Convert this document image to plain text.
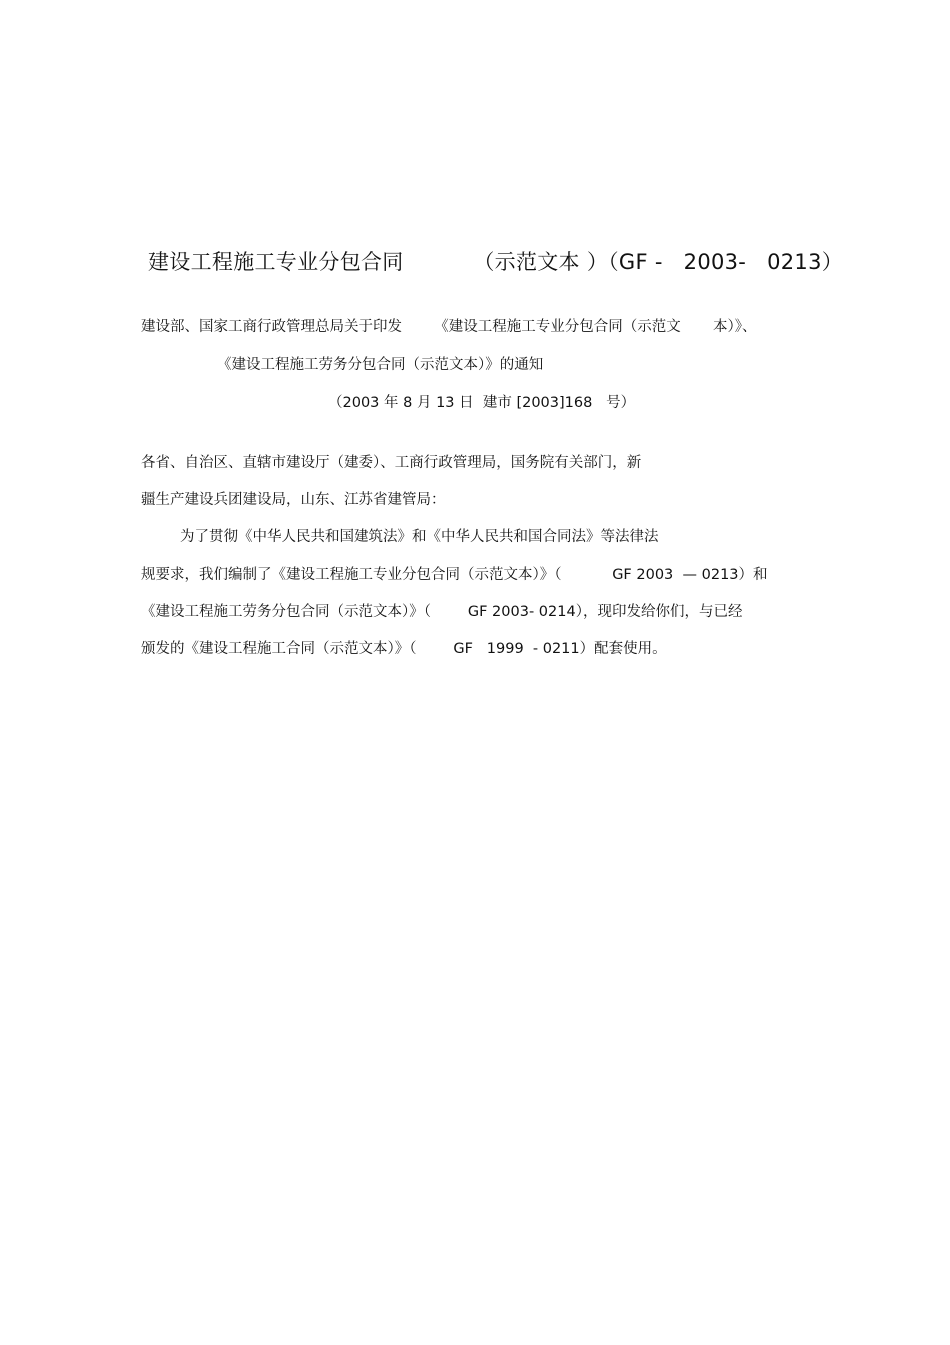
建设工程施工专业分包合同          （示范文本 ）（GF -   2003-   0213）
建设部、国家工商行政管理总局关于印发       《建设工程施工专业分包合同（示范文       本）》、
《建设工程施工劳务分包合同（示范文本）》的通知
（2003 年 8 月 13 日  建市 [2003]168   号）
各省、自治区、直辖市建设厅（建委）、工商行政管理局，国务院有关部门，新
疆生产建设兵团建设局，山东、江苏省建管局：
为了贯彻《中华人民共和国建筑法》和《中华人民共和国合同法》等法律法
规要求，我们编制了《建设工程施工专业分包合同（示范文本）》（           GF 2003  — 0213）和
《建设工程施工劳务分包合同（示范文本）》（        GF 2003- 0214），现印发给你们，与已经
颁发的《建设工程施工合同（示范文本）》（        GF   1999  - 0211）配套使用。
